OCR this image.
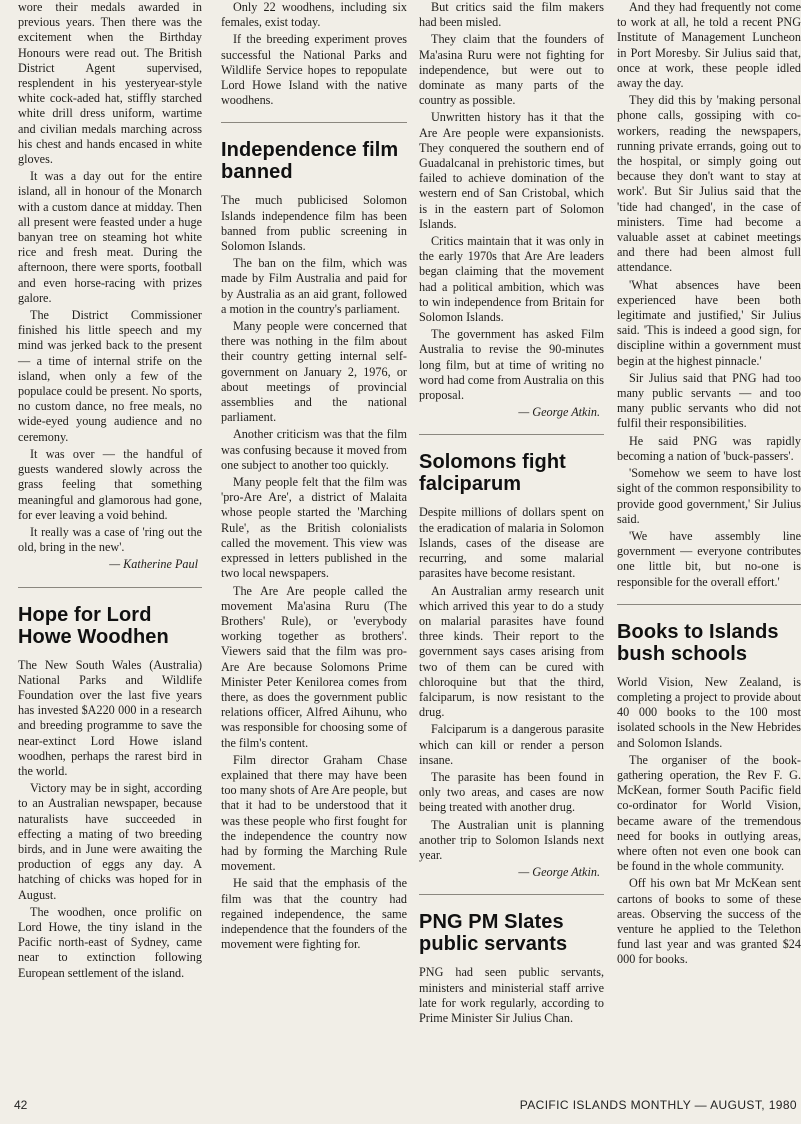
wore their medals awarded in previous years. Then there was the excitement when the Birthday Honours were read out. The British District Agent supervised, resplendent in his yesteryear-style white cock-aded hat, stiffly starched white drill dress uniform, wartime and civilian medals marching across his chest and hands encased in white gloves.

It was a day out for the entire island, all in honour of the Monarch with a custom dance at midday. Then all present were feasted under a huge banyan tree on steaming hot white rice and fresh meat. During the afternoon, there were sports, football and even horse-racing with prizes galore.

The District Commissioner finished his little speech and my mind was jerked back to the present — a time of internal strife on the island, when only a few of the populace could be present. No sports, no custom dance, no free meals, no wide-eyed young audience and no ceremony.

It was over — the handful of guests wandered slowly across the grass feeling that something meaningful and glamorous had gone, for ever leaving a void behind.

It really was a case of 'ring out the old, bring in the new'.

— Katherine Paul
Hope for Lord Howe Woodhen

The New South Wales (Australia) National Parks and Wildlife Foundation over the last five years has invested $A220 000 in a research and breeding programme to save the near-extinct Lord Howe island woodhen, perhaps the rarest bird in the world.

Victory may be in sight, according to an Australian newspaper, because naturalists have succeeded in effecting a mating of two breeding birds, and in June were awaiting the production of eggs any day. A hatching of chicks was hoped for in August.

The woodhen, once prolific on Lord Howe, the tiny island in the Pacific north-east of Sydney, came near to extinction following European settlement of the island.

Only 22 woodhens, including six females, exist today.

If the breeding experiment proves successful the National Parks and Wildlife Service hopes to repopulate Lord Howe Island with the native woodhens.

Independence film banned

The much publicised Solomon Islands independence film has been banned from public screening in Solomon Islands.

The ban on the film, which was made by Film Australia and paid for by Australia as an aid grant, followed a motion in the country's parliament.

Many people were concerned that there was nothing in the film about their country getting internal self-government on January 2, 1976, or about meetings of provincial assemblies and the national parliament.

Another criticism was that the film was confusing because it moved from one subject to another too quickly.

Many people felt that the film was 'pro-Are Are', a district of Malaita whose people started the 'Marching Rule', as the British colonialists called the movement. This view was expressed in letters published in the two local newspapers.

The Are Are people called the movement Ma'asina Ruru (The Brothers' Rule), or 'everybody working together as brothers'. Viewers said that the film was pro-Are Are because Solomons Prime Minister Peter Kenilorea comes from there, as does the government public relations officer, Alfred Aihunu, who was responsible for choosing some of the film's content.

Film director Graham Chase explained that there may have been too many shots of Are Are people, but that it had to be understood that it was these people who first fought for the independence the country now had by forming the Marching Rule movement.

He said that the emphasis of the film was that the country had regained independence, the same independence that the founders of the movement were fighting for.

But critics said the film makers had been misled.

They claim that the founders of Ma'asina Ruru were not fighting for independence, but were out to dominate as many parts of the country as possible.

Unwritten history has it that the Are Are people were expansionists. They conquered the southern end of Guadalcanal in prehistoric times, but failed to achieve domination of the western end of San Cristobal, which is in the eastern part of Solomon Islands.

Critics maintain that it was only in the early 1970s that Are Are leaders began claiming that the movement had a political ambition, which was to win independence from Britain for Solomon Islands.

The government has asked Film Australia to revise the 90-minutes long film, but at time of writing no word had come from Australia on this proposal.

— George Atkin.
Solomons fight falciparum

Despite millions of dollars spent on the eradication of malaria in Solomon Islands, cases of the disease are recurring, and some malarial parasites have become resistant.

An Australian army research unit which arrived this year to do a study on malarial parasites have found three kinds. Their report to the government says cases arising from two of them can be cured with chloroquine but that the third, falciparum, is now resistant to the drug.

Falciparum is a dangerous parasite which can kill or render a person insane.

The parasite has been found in only two areas, and cases are now being treated with another drug.

The Australian unit is planning another trip to Solomon Islands next year.

— George Atkin.
PNG PM Slates public servants

PNG had seen public servants, ministers and ministerial staff arrive late for work regularly, according to Prime Minister Sir Julius Chan.

And they had frequently not come to work at all, he told a recent PNG Institute of Management Luncheon in Port Moresby. Sir Julius said that, once at work, these people idled away the day.

They did this by 'making personal phone calls, gossiping with co-workers, reading the newspapers, running private errands, going out to the hospital, or simply going out because they don't want to stay at work'. But Sir Julius said that the 'tide had changed', in the case of ministers. Time had become a valuable asset at cabinet meetings and there had been almost full attendance.

'What absences have been experienced have been both legitimate and justified,' Sir Julius said. 'This is indeed a good sign, for discipline within a government must begin at the highest pinnacle.'

Sir Julius said that PNG had too many public servants — and too many public servants who did not fulfil their responsibilities.

He said PNG was rapidly becoming a nation of 'buck-passers'.

'Somehow we seem to have lost sight of the common responsibility to provide good government,' Sir Julius said.

'We have assembly line government — everyone contributes one little bit, but no-one is responsible for the overall effort.'

Books to Islands bush schools

World Vision, New Zealand, is completing a project to provide about 40 000 books to the 100 most isolated schools in the New Hebrides and Solomon Islands.

The organiser of the book-gathering operation, the Rev F. G. McKean, former South Pacific field co-ordinator for World Vision, became aware of the tremendous need for books in outlying areas, where often not even one book can be found in the whole community.

Off his own bat Mr McKean sent cartons of books to some of these areas. Observing the success of the venture he applied to the Telethon fund last year and was granted $24 000 for books.

42	PACIFIC ISLANDS MONTHLY — AUGUST, 1980
